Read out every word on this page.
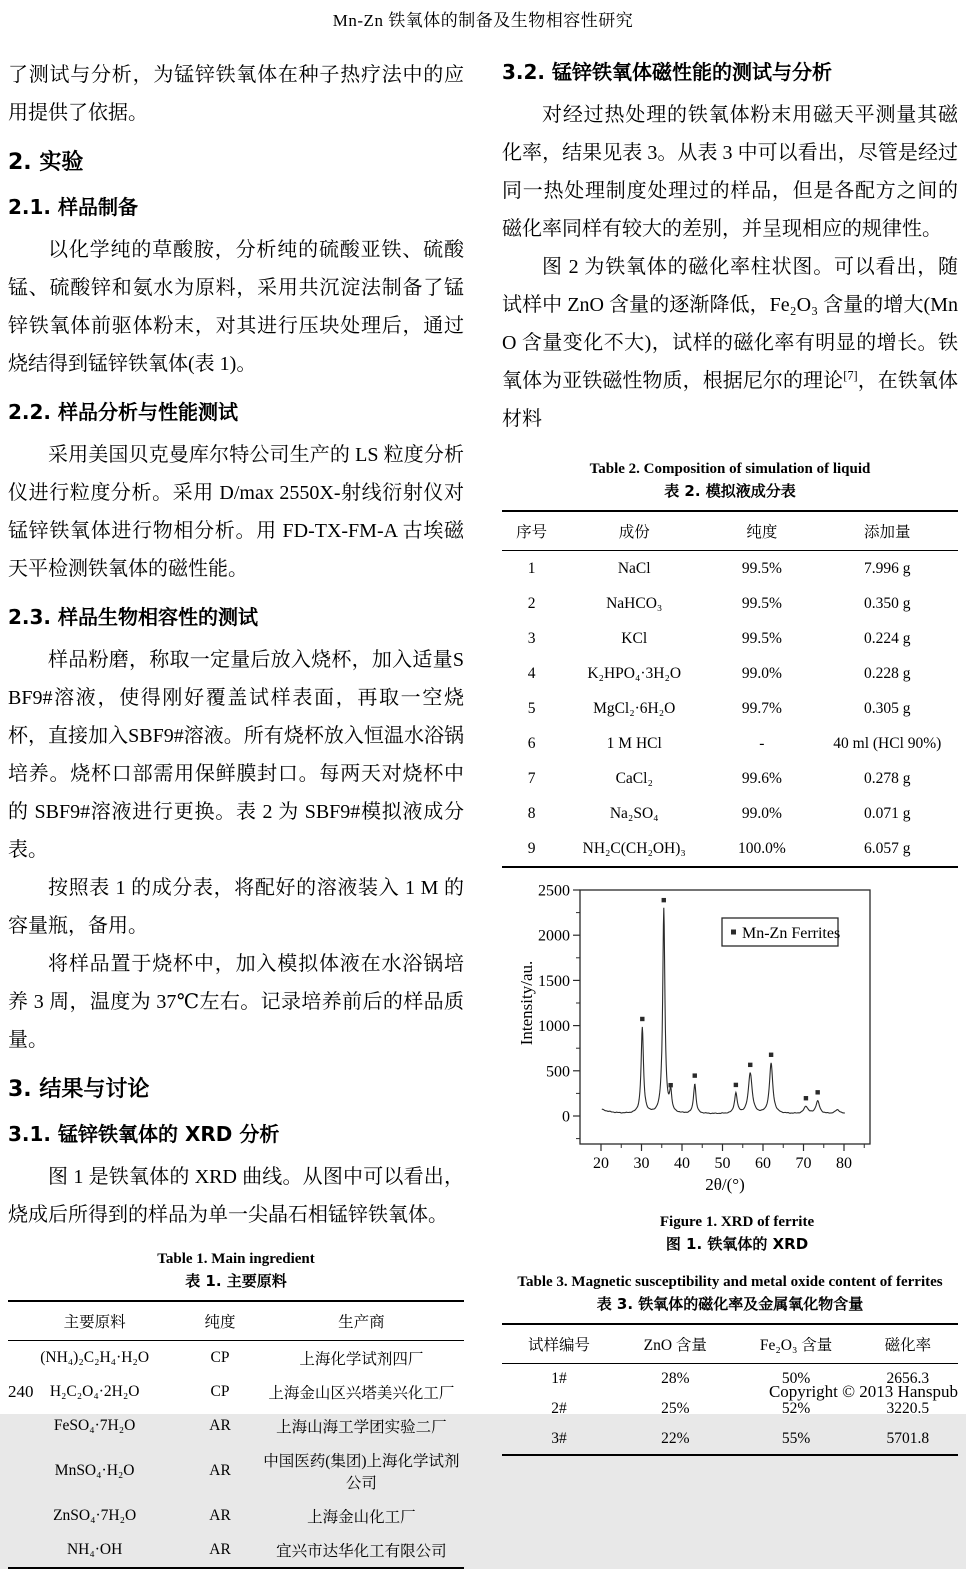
Mn-Zn 铁氧体的制备及生物相容性研究

了测试与分析，为锰锌铁氧体在种子热疗法中的应用提供了依据。

2. 实验
2.1. 样品制备

以化学纯的草酸胺，分析纯的硫酸亚铁、硫酸锰、硫酸锌和氨水为原料，采用共沉淀法制备了锰锌铁氧体前驱体粉末，对其进行压块处理后，通过烧结得到锰锌铁氧体(表 1)。

2.2. 样品分析与性能测试

采用美国贝克曼库尔特公司生产的 LS 粒度分析仪进行粒度分析。采用 D/max 2550X-射线衍射仪对锰锌铁氧体进行物相分析。用 FD-TX-FM-A 古埃磁天平检测铁氧体的磁性能。

2.3. 样品生物相容性的测试

样品粉磨，称取一定量后放入烧杯，加入适量SBF9#溶液，使得刚好覆盖试样表面，再取一空烧杯，直接加入SBF9#溶液。所有烧杯放入恒温水浴锅培养。烧杯口部需用保鲜膜封口。每两天对烧杯中的 SBF9#溶液进行更换。表 2 为 SBF9#模拟液成分表。

按照表 1 的成分表，将配好的溶液装入 1 M 的容量瓶，备用。

将样品置于烧杯中，加入模拟体液在水浴锅培养 3 周，温度为 37℃左右。记录培养前后的样品质量。

3. 结果与讨论
3.1. 锰锌铁氧体的 XRD 分析

图 1 是铁氧体的 XRD 曲线。从图中可以看出，烧成后所得到的样品为单一尖晶石相锰锌铁氧体。

Table 1. Main ingredient
表 1. 主要原料
主要原料	纯度	生产商
(NH₄)₂C₂H₄·H₂O	CP	上海化学试剂四厂
H₂C₂O₄·2H₂O	CP	上海金山区兴塔美兴化工厂
FeSO₄·7H₂O	AR	上海山海工学团实验二厂
MnSO₄·H₂O	AR	中国医药(集团)上海化学试剂公司
ZnSO₄·7H₂O	AR	上海金山化工厂
NH₄·OH	AR	宜兴市达华化工有限公司
3.2. 锰锌铁氧体磁性能的测试与分析

对经过热处理的铁氧体粉末用磁天平测量其磁化率，结果见表 3。从表 3 中可以看出，尽管是经过同一热处理制度处理过的样品，但是各配方之间的磁化率同样有较大的差别，并呈现相应的规律性。

图 2 为铁氧体的磁化率柱状图。可以看出，随试样中 ZnO 含量的逐渐降低，Fe₂O₃ 含量的增大(MnO 含量变化不大)，试样的磁化率有明显的增长。铁氧体为亚铁磁性物质，根据尼尔的理论[7]，在铁氧体材料

Table 2. Composition of simulation of liquid
表 2. 模拟液成分表
序号	成份	纯度	添加量
1	NaCl	99.5%	7.996 g
2	NaHCO₃	99.5%	0.350 g
3	KCl	99.5%	0.224 g
4	K₂HPO₄·3H₂O	99.0%	0.228 g
5	MgCl₂·6H₂O	99.7%	0.305 g
6	1 M HCl	-	40 ml (HCl 90%)
7	CaCl₂	99.6%	0.278 g
8	Na₂SO₄	99.0%	0.071 g
9	NH₂C(CH₂OH)₃	100.0%	6.057 g
20 30 40 50 60 70 80
0
500
1000
1500
2000
2500
2θ/(°)
Intensity/au.
Mn-Zn Ferrites
Figure 1. XRD of ferrite
图 1. 铁氧体的 XRD
Table 3. Magnetic susceptibility and metal oxide content of ferrites
表 3. 铁氧体的磁化率及金属氧化物含量
试样编号	ZnO 含量	Fe₂O₃ 含量	磁化率
1#	28%	50%	2656.3
2#	25%	52%	3220.5
3#	22%	55%	5701.8
240	Copyright © 2013 Hanspub
